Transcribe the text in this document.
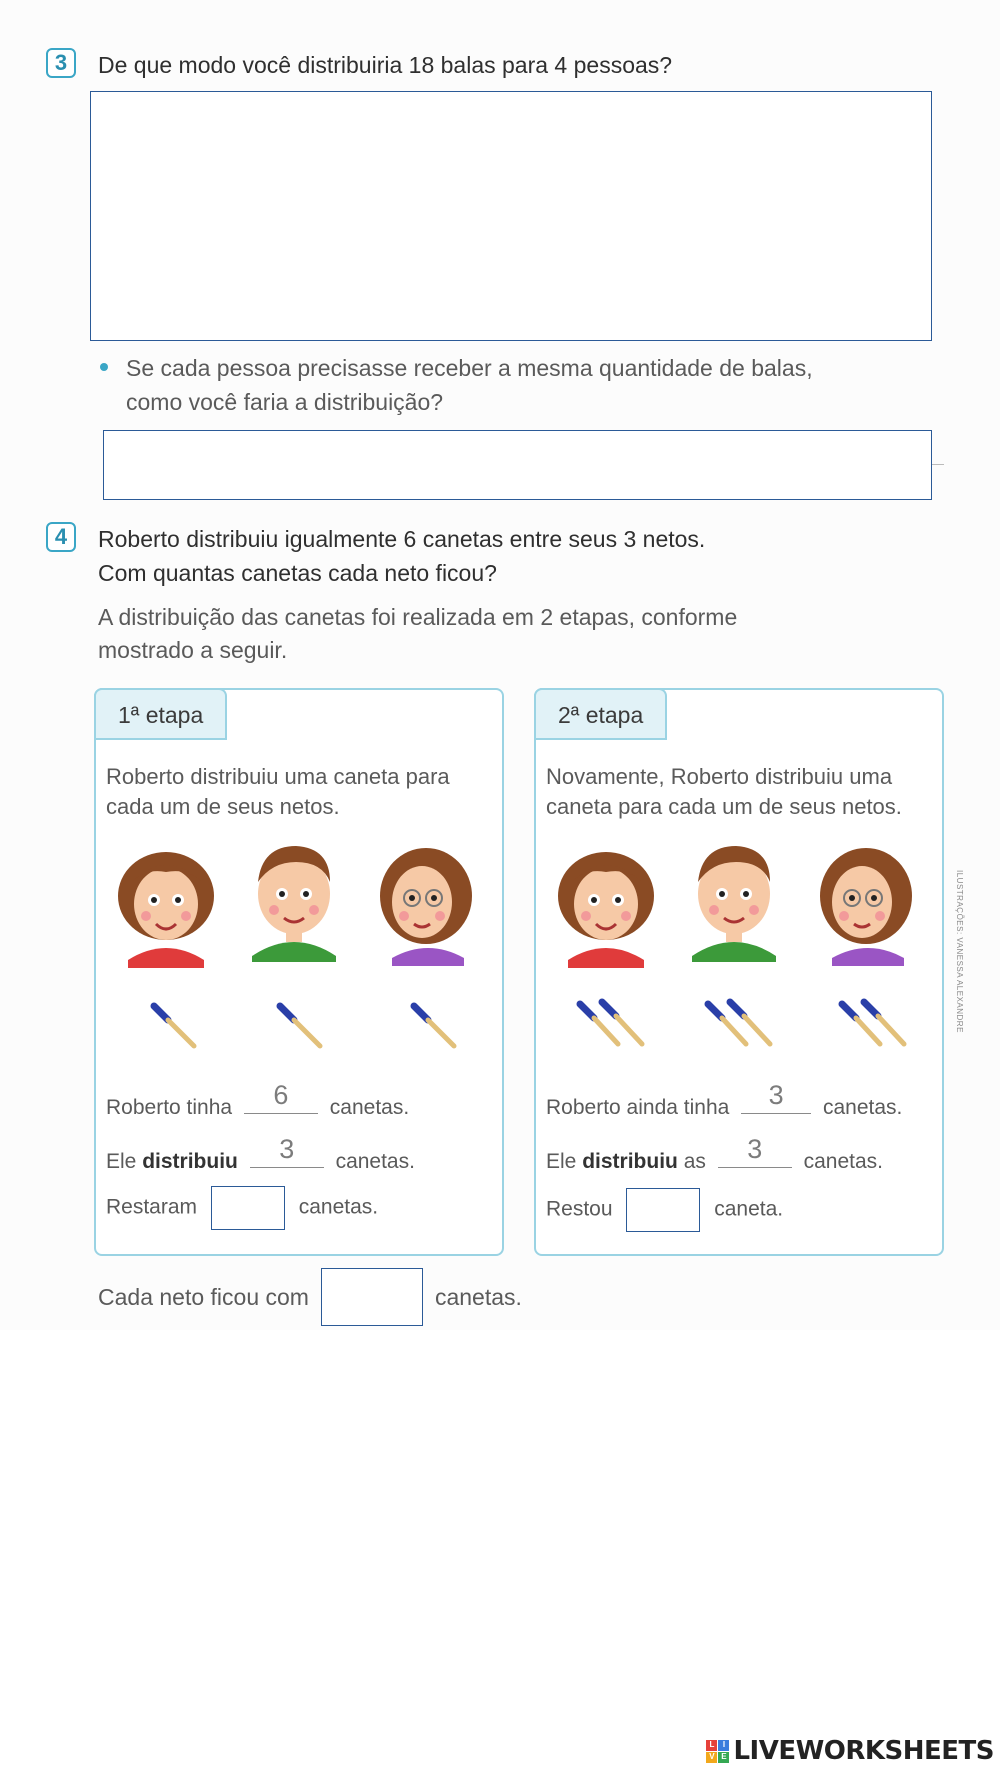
3	De que modo você distribuiria 18 balas para 4 pessoas?
Se cada pessoa precisasse receber a mesma quantidade de balas,
como você faria a distribuição?
4	Roberto distribuiu igualmente 6 canetas entre seus 3 netos.
Com quantas canetas cada neto ficou?
A distribuição das canetas foi realizada em 2 etapas, conforme
mostrado a seguir.
1ª etapa
Roberto distribuiu uma caneta para
cada um de seus netos.
Roberto tinha	6	canetas.
Ele distribuiu	3	canetas.
Restaram	canetas.
2ª etapa
Novamente, Roberto distribuiu uma
caneta para cada um de seus netos.
Roberto ainda tinha	3	canetas.
Ele distribuiu as	3	canetas.
Restou	caneta.
ILUSTRAÇÕES: VANESSA ALEXANDRE
Cada neto ficou com	canetas.
L	I
V E LIVEWORKSHEETS
